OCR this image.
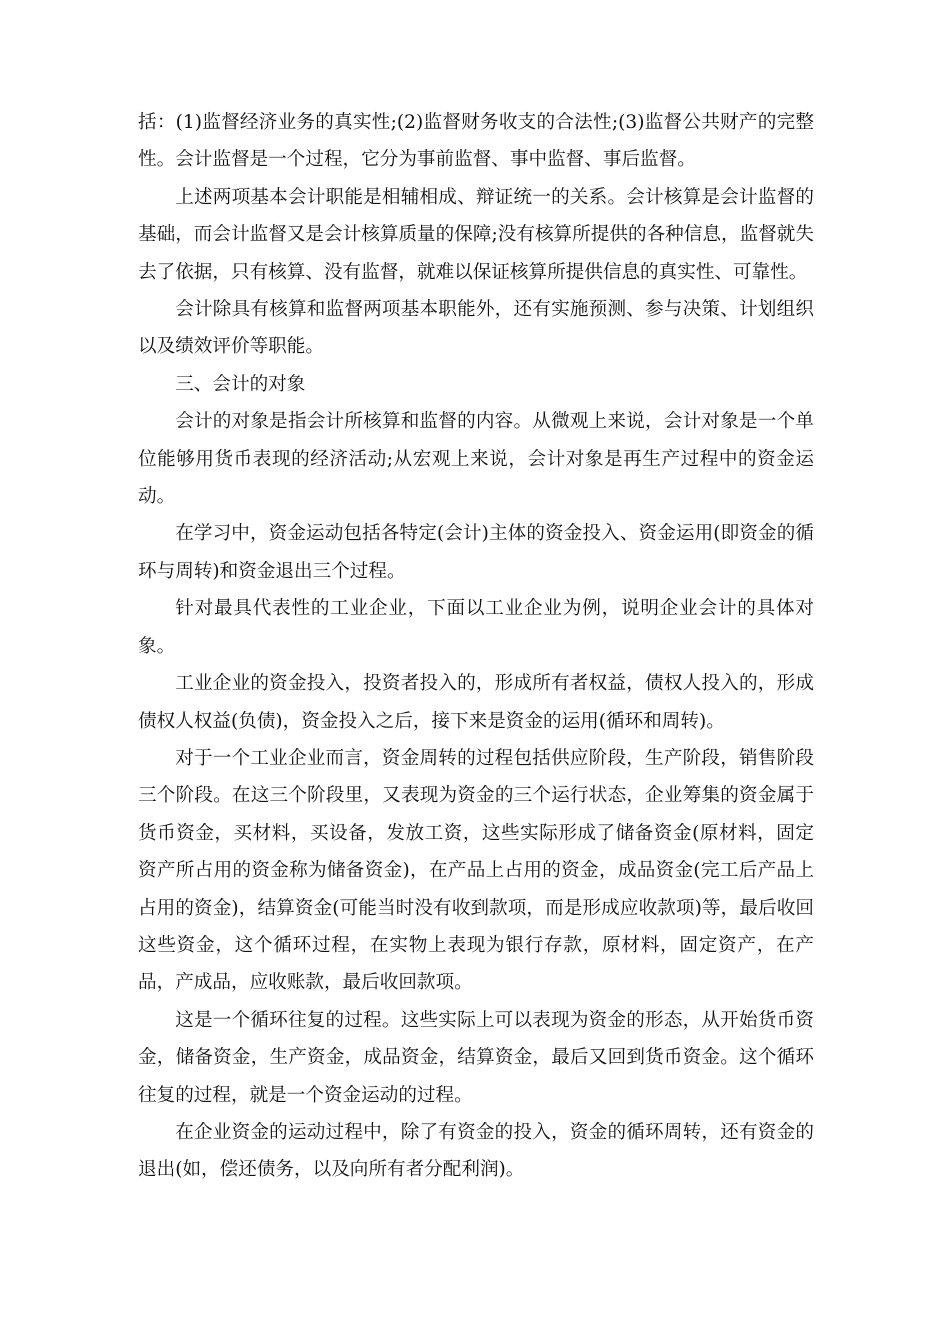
括：(1)监督经济业务的真实性;(2)监督财务收支的合法性;(3)监督公共财产的完整性。会计监督是一个过程，它分为事前监督、事中监督、事后监督。

上述两项基本会计职能是相辅相成、辩证统一的关系。会计核算是会计监督的基础，而会计监督又是会计核算质量的保障;没有核算所提供的各种信息，监督就失去了依据，只有核算、没有监督，就难以保证核算所提供信息的真实性、可靠性。

会计除具有核算和监督两项基本职能外，还有实施预测、参与决策、计划组织以及绩效评价等职能。

三、会计的对象

会计的对象是指会计所核算和监督的内容。从微观上来说，会计对象是一个单位能够用货币表现的经济活动;从宏观上来说，会计对象是再生产过程中的资金运动。

在学习中，资金运动包括各特定(会计)主体的资金投入、资金运用(即资金的循环与周转)和资金退出三个过程。

针对最具代表性的工业企业，下面以工业企业为例，说明企业会计的具体对象。

工业企业的资金投入，投资者投入的，形成所有者权益，债权人投入的，形成债权人权益(负债)，资金投入之后，接下来是资金的运用(循环和周转)。

对于一个工业企业而言，资金周转的过程包括供应阶段，生产阶段，销售阶段三个阶段。在这三个阶段里，又表现为资金的三个运行状态，企业筹集的资金属于货币资金，买材料，买设备，发放工资，这些实际形成了储备资金(原材料，固定资产所占用的资金称为储备资金)，在产品上占用的资金，成品资金(完工后产品上占用的资金)，结算资金(可能当时没有收到款项，而是形成应收款项)等，最后收回这些资金，这个循环过程，在实物上表现为银行存款，原材料，固定资产，在产品，产成品，应收账款，最后收回款项。

这是一个循环往复的过程。这些实际上可以表现为资金的形态，从开始货币资金，储备资金，生产资金，成品资金，结算资金，最后又回到货币资金。这个循环往复的过程，就是一个资金运动的过程。

在企业资金的运动过程中，除了有资金的投入，资金的循环周转，还有资金的退出(如，偿还债务，以及向所有者分配利润)。
